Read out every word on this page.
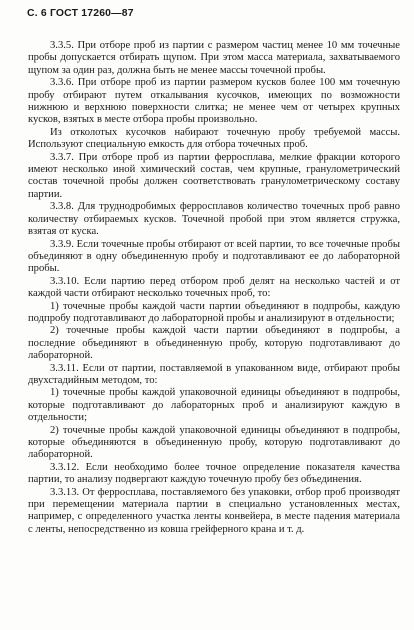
С. 6 ГОСТ 17260—87

3.3.5. При отборе проб из партии с размером частиц менее 10 мм точечные пробы допускается отбирать щупом. При этом масса материала, захватываемого щупом за один раз, должна быть не менее массы точечной пробы.

3.3.6. При отборе проб из партии размером кусков более 100 мм точечную пробу отбирают путем откалывания кусочков, имеющих по возможности нижнюю и верхнюю поверхности слитка; не менее чем от четырех крупных кусков, взятых в месте отбора пробы произвольно.

Из отколотых кусочков набирают точечную пробу требуемой массы. Используют специальную емкость для отбора точечных проб.

3.3.7. При отборе проб из партии ферросплава, мелкие фракции которого имеют несколько иной химический состав, чем крупные, гранулометрический состав точечной пробы должен соответствовать гранулометрическому составу партии.

3.3.8. Для труднодробимых ферросплавов количество точечных проб равно количеству отбираемых кусков. Точечной пробой при этом является стружка, взятая от куска.

3.3.9. Если точечные пробы отбирают от всей партии, то все точечные пробы объединяют в одну объединенную пробу и подготавливают ее до лабораторной пробы.

3.3.10. Если партию перед отбором проб делят на несколько частей и от каждой части отбирают несколько точечных проб, то:

1) точечные пробы каждой части партии объединяют в подпробы, каждую подпробу подготавливают до лабораторной пробы и анализируют в отдельности;

2) точечные пробы каждой части партии объединяют в подпробы, а последние объединяют в объединенную пробу, которую подготавливают до лабораторной.

3.3.11. Если от партии, поставляемой в упакованном виде, отбирают пробы двухстадийным методом, то:

1) точечные пробы каждой упаковочной единицы объединяют в подпробы, которые подготавливают до лабораторных проб и анализируют каждую в отдельности;

2) точечные пробы каждой упаковочной единицы объединяют в подпробы, которые объединяются в объединенную пробу, которую подготавливают до лабораторной.

3.3.12. Если необходимо более точное определение показателя качества партии, то анализу подвергают каждую точечную пробу без объединения.

3.3.13. От ферросплава, поставляемого без упаковки, отбор проб производят при перемещении материала партии в специально установленных местах, например, с определенного участка ленты конвейера, в месте падения материала с ленты, непосредственно из ковша грейферного крана и т. д.
